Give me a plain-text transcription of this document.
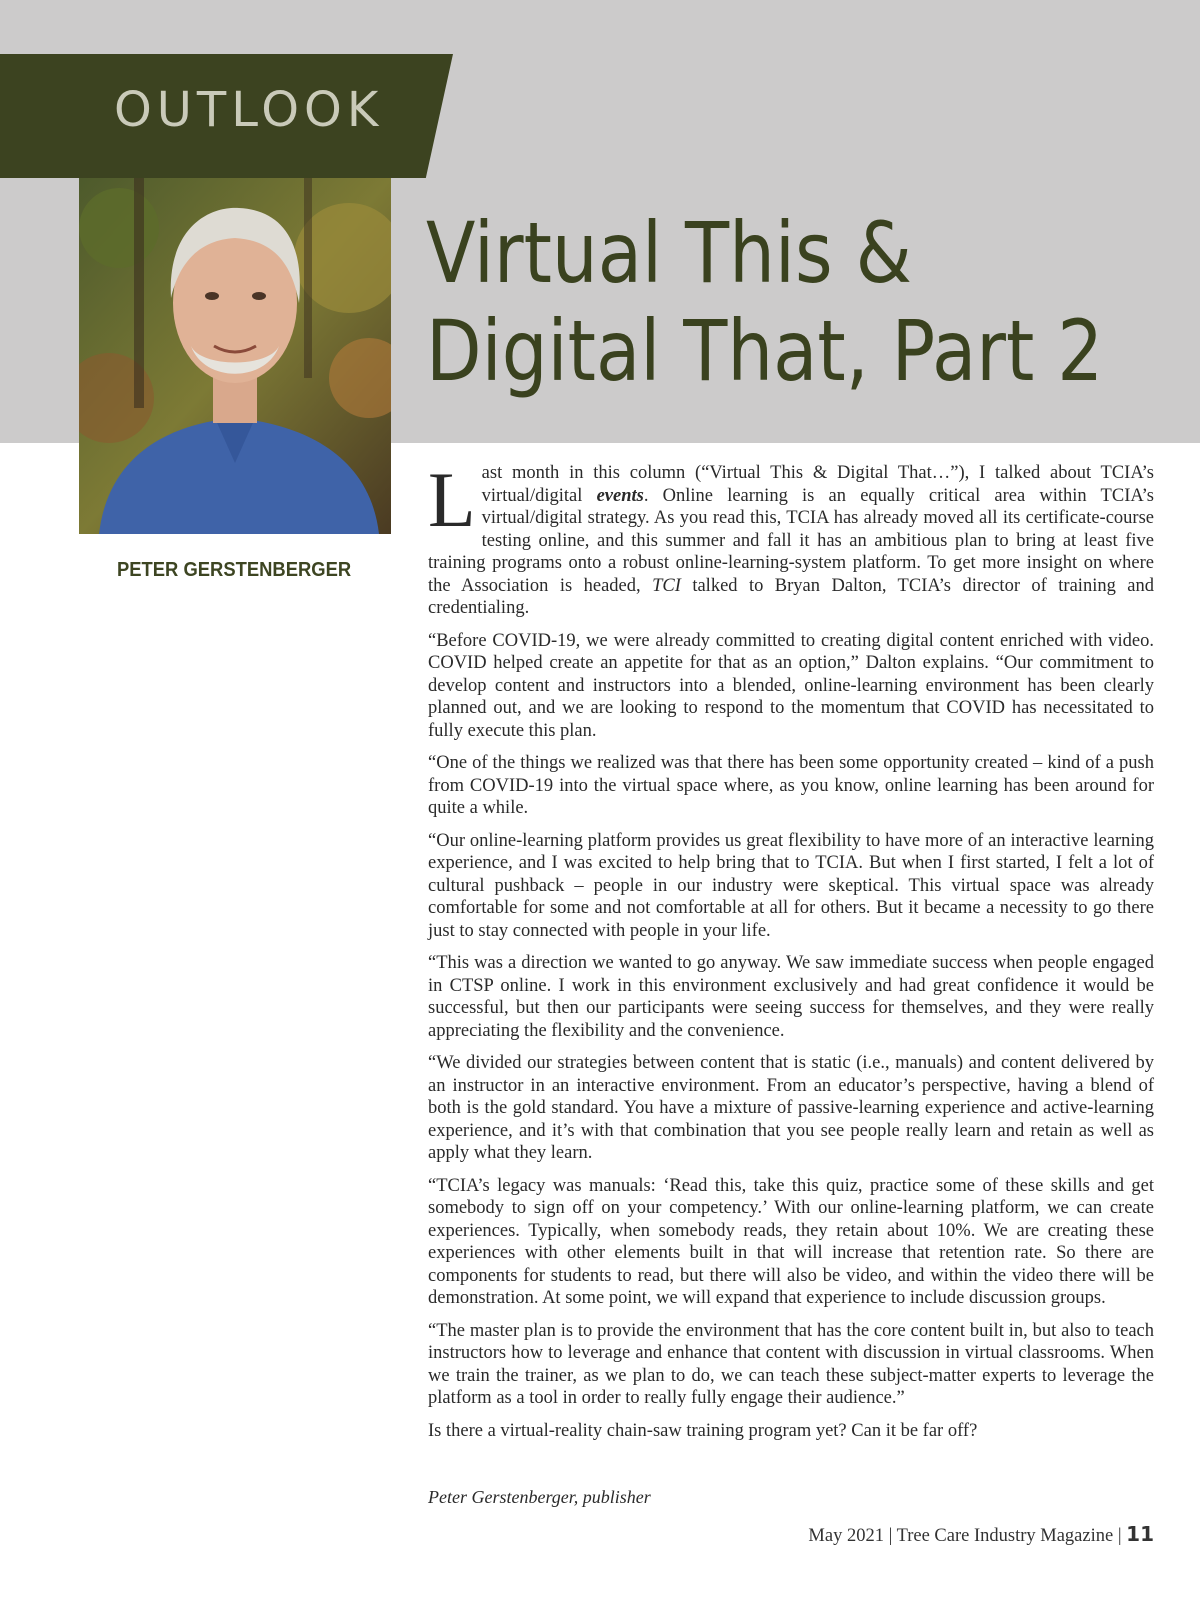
OUTLOOK
PETER GERSTENBERGER
Virtual This &
Digital That, Part 2

Last month in this column (“Virtual This & Digital That…”), I talked about TCIA’s virtual/digital events. Online learning is an equally critical area within TCIA’s virtual/digital strategy. As you read this, TCIA has already moved all its certificate-course testing online, and this summer and fall it has an ambitious plan to bring at least five training programs onto a robust online-learning-system platform. To get more insight on where the Association is headed, TCI talked to Bryan Dalton, TCIA’s director of training and credentialing.

“Before COVID-19, we were already committed to creating digital content enriched with video. COVID helped create an appetite for that as an option,” Dalton explains. “Our commitment to develop content and instructors into a blended, online-learning environment has been clearly planned out, and we are looking to respond to the momentum that COVID has necessitated to fully execute this plan.

“One of the things we realized was that there has been some opportunity created – kind of a push from COVID-19 into the virtual space where, as you know, online learning has been around for quite a while.

“Our online-learning platform provides us great flexibility to have more of an interactive learning experience, and I was excited to help bring that to TCIA. But when I first started, I felt a lot of cultural pushback – people in our industry were skeptical. This virtual space was already comfortable for some and not comfortable at all for others. But it became a necessity to go there just to stay connected with people in your life.

“This was a direction we wanted to go anyway. We saw immediate success when people engaged in CTSP online. I work in this environment exclusively and had great confidence it would be successful, but then our participants were seeing success for themselves, and they were really appreciating the flexibility and the convenience.

“We divided our strategies between content that is static (i.e., manuals) and content delivered by an instructor in an interactive environment. From an educator’s perspective, having a blend of both is the gold standard. You have a mixture of passive-learning experience and active-learning experience, and it’s with that combination that you see people really learn and retain as well as apply what they learn.

“TCIA’s legacy was manuals: ‘Read this, take this quiz, practice some of these skills and get somebody to sign off on your competency.’ With our online-learning platform, we can create experiences. Typically, when somebody reads, they retain about 10%. We are creating these experiences with other elements built in that will increase that retention rate. So there are components for students to read, but there will also be video, and within the video there will be demonstration. At some point, we will expand that experience to include discussion groups.

“The master plan is to provide the environment that has the core content built in, but also to teach instructors how to leverage and enhance that content with discussion in virtual classrooms. When we train the trainer, as we plan to do, we can teach these subject-matter experts to leverage the platform as a tool in order to really fully engage their audience.”

Is there a virtual-reality chain-saw training program yet? Can it be far off?

Peter Gerstenberger, publisher
May 2021 | Tree Care Industry Magazine | 11
